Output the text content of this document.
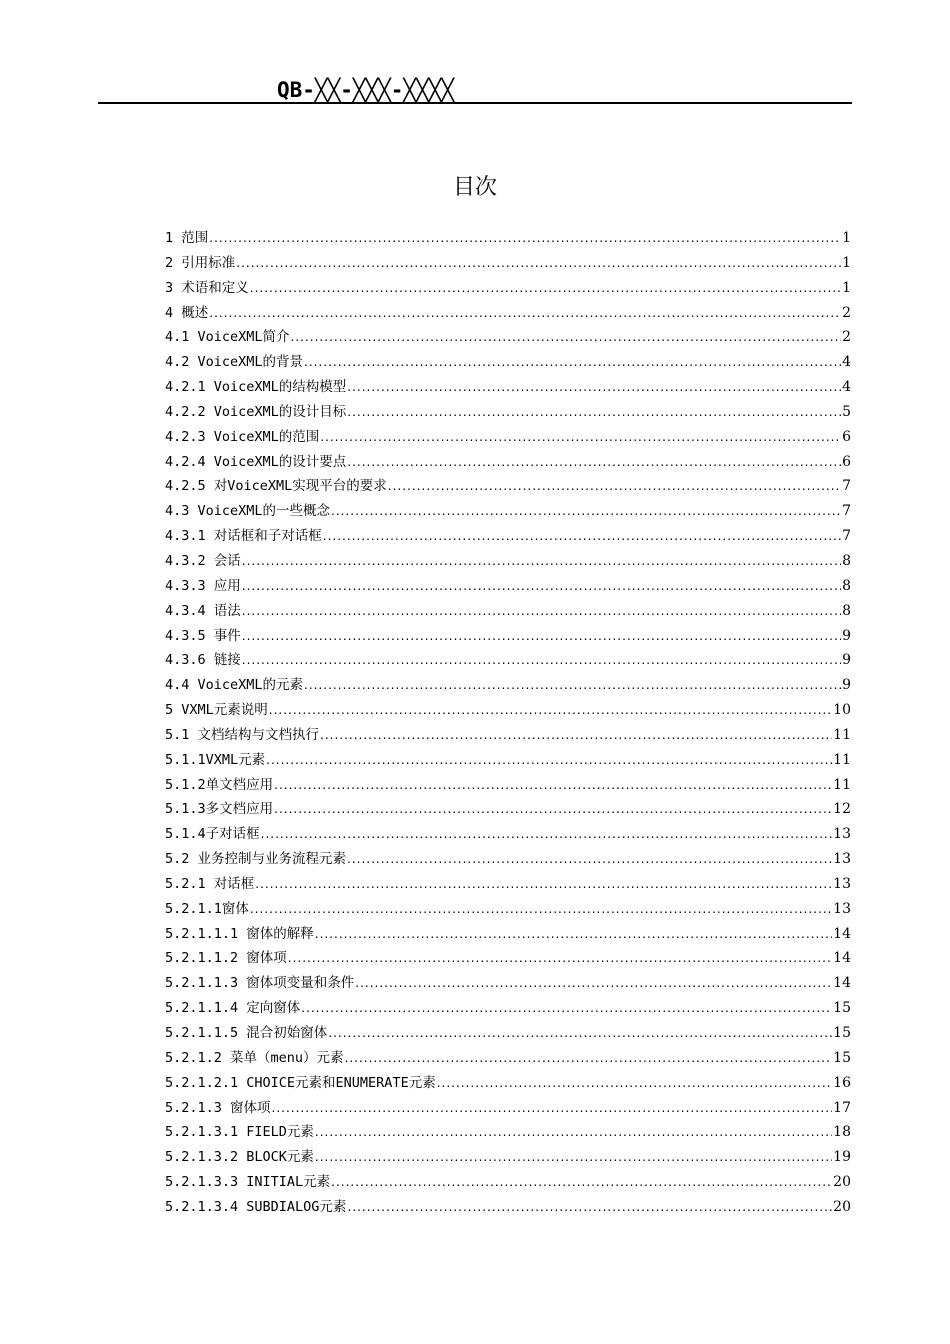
QB-╳╳-╳╳╳-╳╳╳╳
目次
1 范围 .....	1
2 引用标准 .....	1
3 术语和定义 .....	1
4 概述 .....	2
4.1 VoiceXML简介 .....	2
4.2 VoiceXML的背景 .....	4
4.2.1 VoiceXML的结构模型 .....	4
4.2.2 VoiceXML的设计目标 .....	5
4.2.3 VoiceXML的范围 .....	6
4.2.4 VoiceXML的设计要点 .....	6
4.2.5 对VoiceXML实现平台的要求 .....	7
4.3 VoiceXML的一些概念 .....	7
4.3.1 对话框和子对话框 .....	7
4.3.2 会话 .....	8
4.3.3 应用 .....	8
4.3.4 语法 .....	8
4.3.5 事件 .....	9
4.3.6 链接 .....	9
4.4 VoiceXML的元素 .....	9
5 VXML元素说明 .....	10
5.1 文档结构与文档执行 .....	11
5.1.1VXML元素 .....	11
5.1.2单文档应用 .....	11
5.1.3多文档应用 .....	12
5.1.4子对话框 .....	13
5.2 业务控制与业务流程元素 .....	13
5.2.1 对话框 .....	13
5.2.1.1窗体 .....	13
5.2.1.1.1 窗体的解释 .....	14
5.2.1.1.2 窗体项 .....	14
5.2.1.1.3 窗体项变量和条件 .....	14
5.2.1.1.4 定向窗体 .....	15
5.2.1.1.5 混合初始窗体 .....	15
5.2.1.2 菜单（menu）元素 .....	15
5.2.1.2.1 CHOICE元素和ENUMERATE元素 .....	16
5.2.1.3 窗体项 .....	17
5.2.1.3.1 FIELD元素 .....	18
5.2.1.3.2 BLOCK元素 .....	19
5.2.1.3.3 INITIAL元素 .....	20
5.2.1.3.4 SUBDIALOG元素 .....	20
